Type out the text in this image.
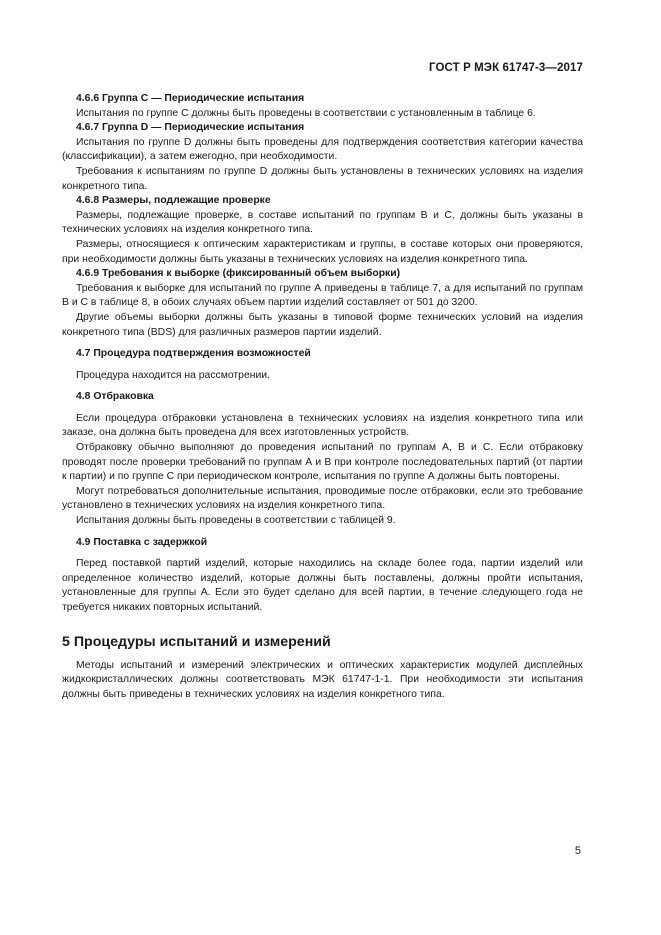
ГОСТ Р МЭК 61747-3—2017

4.6.6 Группа С — Периодические испытания

Испытания по группе С должны быть проведены в соответствии с установленным в таблице 6.

4.6.7 Группа D — Периодические испытания

Испытания по группе D должны быть проведены для подтверждения соответствия категории качества (классификации), а затем ежегодно, при необходимости.

Требования к испытаниям по группе D должны быть установлены в технических условиях на изделия конкретного типа.

4.6.8 Размеры, подлежащие проверке

Размеры, подлежащие проверке, в составе испытаний по группам В и С, должны быть указаны в технических условиях на изделия конкретного типа.

Размеры, относящиеся к оптическим характеристикам и группы, в составе которых они проверяются, при необходимости должны быть указаны в технических условиях на изделия конкретного типа.

4.6.9 Требования к выборке (фиксированный объем выборки)

Требования к выборке для испытаний по группе А приведены в таблице 7, а для испытаний по группам В и С в таблице 8, в обоих случаях объем партии изделий составляет от 501 до 3200.

Другие объемы выборки должны быть указаны в типовой форме технических условий на изделия конкретного типа (BDS) для различных размеров партии изделий.

4.7 Процедура подтверждения возможностей

Процедура находится на рассмотрении.

4.8 Отбраковка

Если процедура отбраковки установлена в технических условиях на изделия конкретного типа или заказе, она должна быть проведена для всех изготовленных устройств.

Отбраковку обычно выполняют до проведения испытаний по группам А, В и С. Если отбраковку проводят после проверки требований по группам А и В при контроле последовательных партий (от партии к партии) и по группе С при периодическом контроле, испытания по группе А должны быть повторены.

Могут потребоваться дополнительные испытания, проводимые после отбраковки, если это требование установлено в технических условиях на изделия конкретного типа.

Испытания должны быть проведены в соответствии с таблицей 9.

4.9 Поставка с задержкой

Перед поставкой партий изделий, которые находились на складе более года, партии изделий или определенное количество изделий, которые должны быть поставлены, должны пройти испытания, установленные для группы А. Если это будет сделано для всей партии, в течение следующего года не требуется никаких повторных испытаний.

5 Процедуры испытаний и измерений

Методы испытаний и измерений электрических и оптических характеристик модулей дисплейных жидкокристаллических должны соответствовать МЭК 61747-1-1. При необходимости эти испытания должны быть приведены в технических условиях на изделия конкретного типа.

5
